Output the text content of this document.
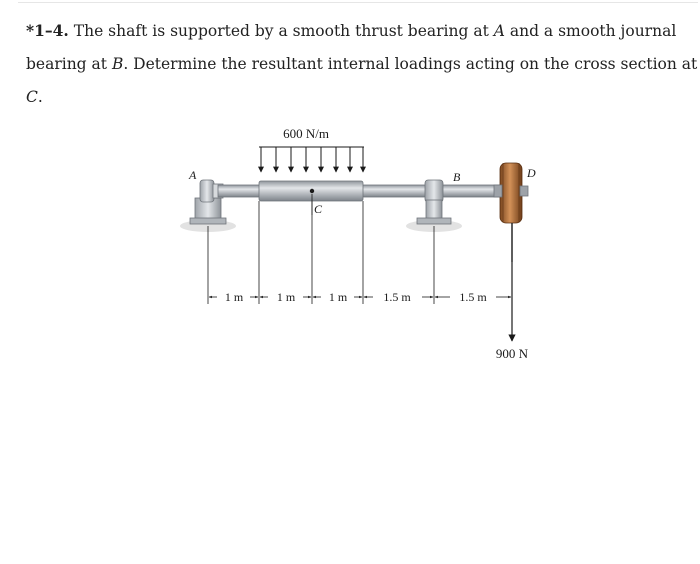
*1–4. The shaft is supported by a smooth thrust bearing at A and a smooth journal bearing at B. Determine the resultant internal loadings acting on the cross section at C.

600 N/m
900 N
A	B
C
D
1 m	1 m	1 m	1.5 m	1.5 m
